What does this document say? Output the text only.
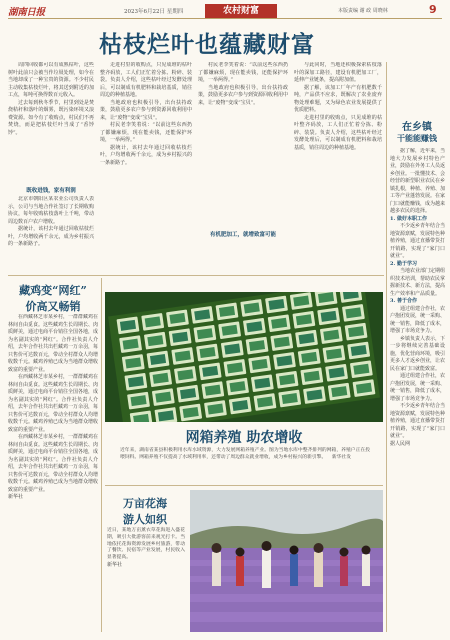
湖南日报	2023年6月22日 星期四	农村财富	本版责编 谢 政 周晓林	9
枯枝烂叶也蕴藏财富

周四回收都可以有成熟枯叶，这些树叶此前只会被当作垃圾处理，如今在当地却成了一种宝贵的资源。不少村民主动收集枯枝烂叶，将其送到附近的加工点，每吨可换得数百元收入。

过去每到秋冬季节，村里到处是焚烧秸秆和落叶的烟雾，既污染环境又浪费资源。如今有了收购点，村民们不再焚烧，而是把枯枝烂叶当成了“香饽饽”。

既收进钱，家有利润

北京市朝阳区某农业公司负责人表示，公司与当地合作社签订了长期收购协议，每年收购枯枝落叶上千吨，带动周边数百户农户增收。

据统计，该村去年通过回收枯枝烂叶，户均增收两千余元，成为乡村振兴的一条新路子。

走进村里的收购点，只见成堆的枯叶整齐码放，工人们正忙着分拣、粉碎、装袋。负责人介绍，这些枯叶经过发酵处理后，可以制成有机肥料和栽培基质，销往周边的种植基地。

当地政府也积极引导，出台扶持政策，鼓励更多农户参与到资源回收利用中来，让“废物”变成“宝贝”。

村民老李笑着说：“以前这些东西扔了都嫌麻烦，现在能卖钱，还能保护环境，一举两得。”

据统计，该村去年通过回收枯枝烂叶，户均增收两千余元，成为乡村振兴的一条新路子。

村民老李笑着说：“以前这些东西扔了都嫌麻烦，现在能卖钱，还能保护环境，一举两得。”

当地政府也积极引导，出台扶持政策，鼓励更多农户参与到资源回收利用中来，让“废物”变成“宝贝”。

有机肥加工，就增致富可能

与此同时，当地还积极探索枯枝落叶的深加工路径，建设有机肥加工厂，延伸产业链条，提高附加值。

据了解，该加工厂年产有机肥数千吨，产品供不应求，既解决了农业废弃物处理难题，又为绿色农业发展提供了优质肥料。

走进村里的收购点，只见成堆的枯叶整齐码放，工人们正忙着分拣、粉碎、装袋。负责人介绍，这些枯叶经过发酵处理后，可以制成有机肥料和栽培基质，销往周边的种植基地。

在乡镇
干能能赚钱

据了解，近年来，当地大力发展乡村特色产业，鼓励在外务工人员返乡创业。一批懂技术、会经营的新型职业农民在乡镇扎根，种植、养殖、加工等产业蓬勃发展。在家门口就能赚钱，成为越来越多农民的选择。

1. 做好本职工作

不少返乡青年结合当地资源禀赋，发展特色种植养殖，通过直播带货打开销路，实现了“家门口就业”。

2. 勤于学习

当地农业部门定期组织技术培训，帮助农民掌握新技术、新方法，提高生产效率和产品质量。

3. 善于合作

通过组建合作社，农户抱团发展，统一采购、统一销售，降低了成本，增强了市场竞争力。

乡镇负责人表示，下一步将继续完善基础设施，优化营商环境，吸引更多人才返乡创业，让农民在家门口就能致富。

通过组建合作社，农户抱团发展，统一采购、统一销售，降低了成本，增强了市场竞争力。

不少返乡青年结合当地资源禀赋，发展特色种植养殖，通过直播带货打开销路，实现了“家门口就业”。

据人民网

藏鸡变“网红”
价高又畅销

在西藏林芝市某乡村，一群群藏鸡在林间自由觅食。这些藏鸡生长周期长、肉质鲜美，通过电商平台销往全国各地，成为名副其实的“网红”。合作社负责人介绍，去年合作社共出栏藏鸡一万余羽，每只售价可达数百元，带动全村群众人均增收数千元。藏鸡养殖已成为当地群众增收致富的重要产业。

在西藏林芝市某乡村，一群群藏鸡在林间自由觅食。这些藏鸡生长周期长、肉质鲜美，通过电商平台销往全国各地，成为名副其实的“网红”。合作社负责人介绍，去年合作社共出栏藏鸡一万余羽，每只售价可达数百元，带动全村群众人均增收数千元。藏鸡养殖已成为当地群众增收致富的重要产业。

在西藏林芝市某乡村，一群群藏鸡在林间自由觅食。这些藏鸡生长周期长、肉质鲜美，通过电商平台销往全国各地，成为名副其实的“网红”。合作社负责人介绍，去年合作社共出栏藏鸡一万余羽，每只售价可达数百元，带动全村群众人均增收数千元。藏鸡养殖已成为当地群众增收致富的重要产业。

新华社

网箱养殖 助农增收
近年来，湖南省某县积极利用水库水域资源，大力发展网箱养殖产业。图为当地水库中整齐排列的网箱，养殖户正在投喂饲料。网箱养殖不仅提高了水域利用率，还带动了周边群众就业增收，成为乡村振兴的新引擎。 新华社发
万亩花海
游人如织
近日，某地万亩薰衣草花海进入盛花期，吸引大批游客前来观光打卡。当地依托花海资源发展乡村旅游，带动了餐饮、民宿等产业发展，村民收入显著提高。
新华社
